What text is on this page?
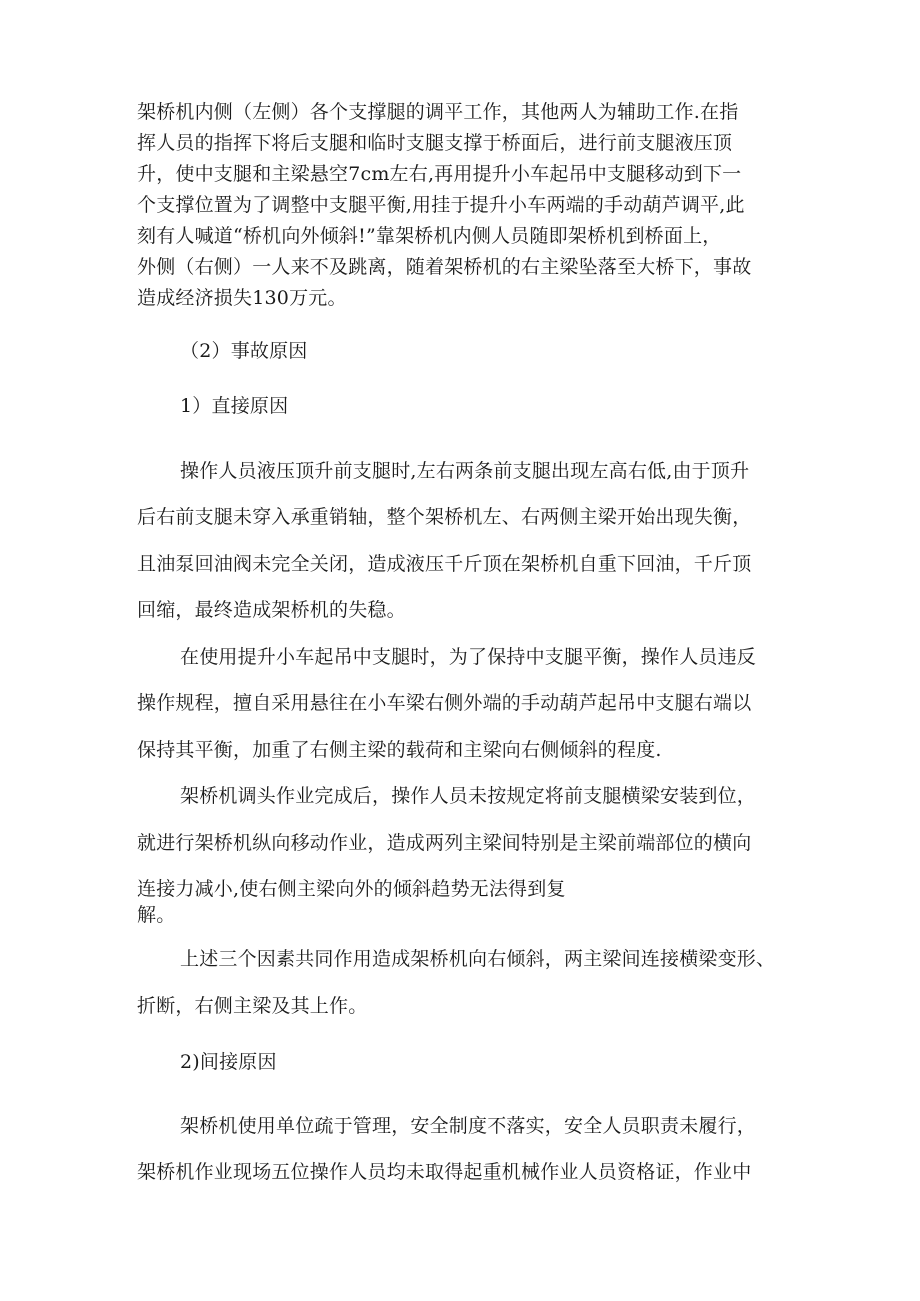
架桥机内侧（左侧）各个支撑腿的调平工作，其他两人为辅助工作.在指
挥人员的指挥下将后支腿和临时支腿支撑于桥面后，进行前支腿液压顶
升，使中支腿和主梁悬空7cm左右,再用提升小车起吊中支腿移动到下一
个支撑位置为了调整中支腿平衡,用挂于提升小车两端的手动葫芦调平,此
刻有人喊道“桥机向外倾斜!”靠架桥机内侧人员随即架桥机到桥面上，
外侧（右侧）一人来不及跳离，随着架桥机的右主梁坠落至大桥下，事故
造成经济损失130万元。
（2）事故原因
1）直接原因
操作人员液压顶升前支腿时,左右两条前支腿出现左高右低,由于顶升
后右前支腿未穿入承重销轴，整个架桥机左、右两侧主梁开始出现失衡，
且油泵回油阀未完全关闭，造成液压千斤顶在架桥机自重下回油，千斤顶
回缩，最终造成架桥机的失稳。
在使用提升小车起吊中支腿时，为了保持中支腿平衡，操作人员违反
操作规程，擅自采用悬往在小车梁右侧外端的手动葫芦起吊中支腿右端以
保持其平衡，加重了右侧主梁的载荷和主梁向右侧倾斜的程度.
架桥机调头作业完成后，操作人员未按规定将前支腿横梁安装到位，
就进行架桥机纵向移动作业，造成两列主梁间特别是主梁前端部位的横向
连接力减小,使右侧主梁向外的倾斜趋势无法得到复
解。
上述三个因素共同作用造成架桥机向右倾斜，两主梁间连接横梁变形、
折断，右侧主梁及其上作。
2)间接原因
架桥机使用单位疏于管理，安全制度不落实，安全人员职责未履行，
架桥机作业现场五位操作人员均未取得起重机械作业人员资格证，作业中
